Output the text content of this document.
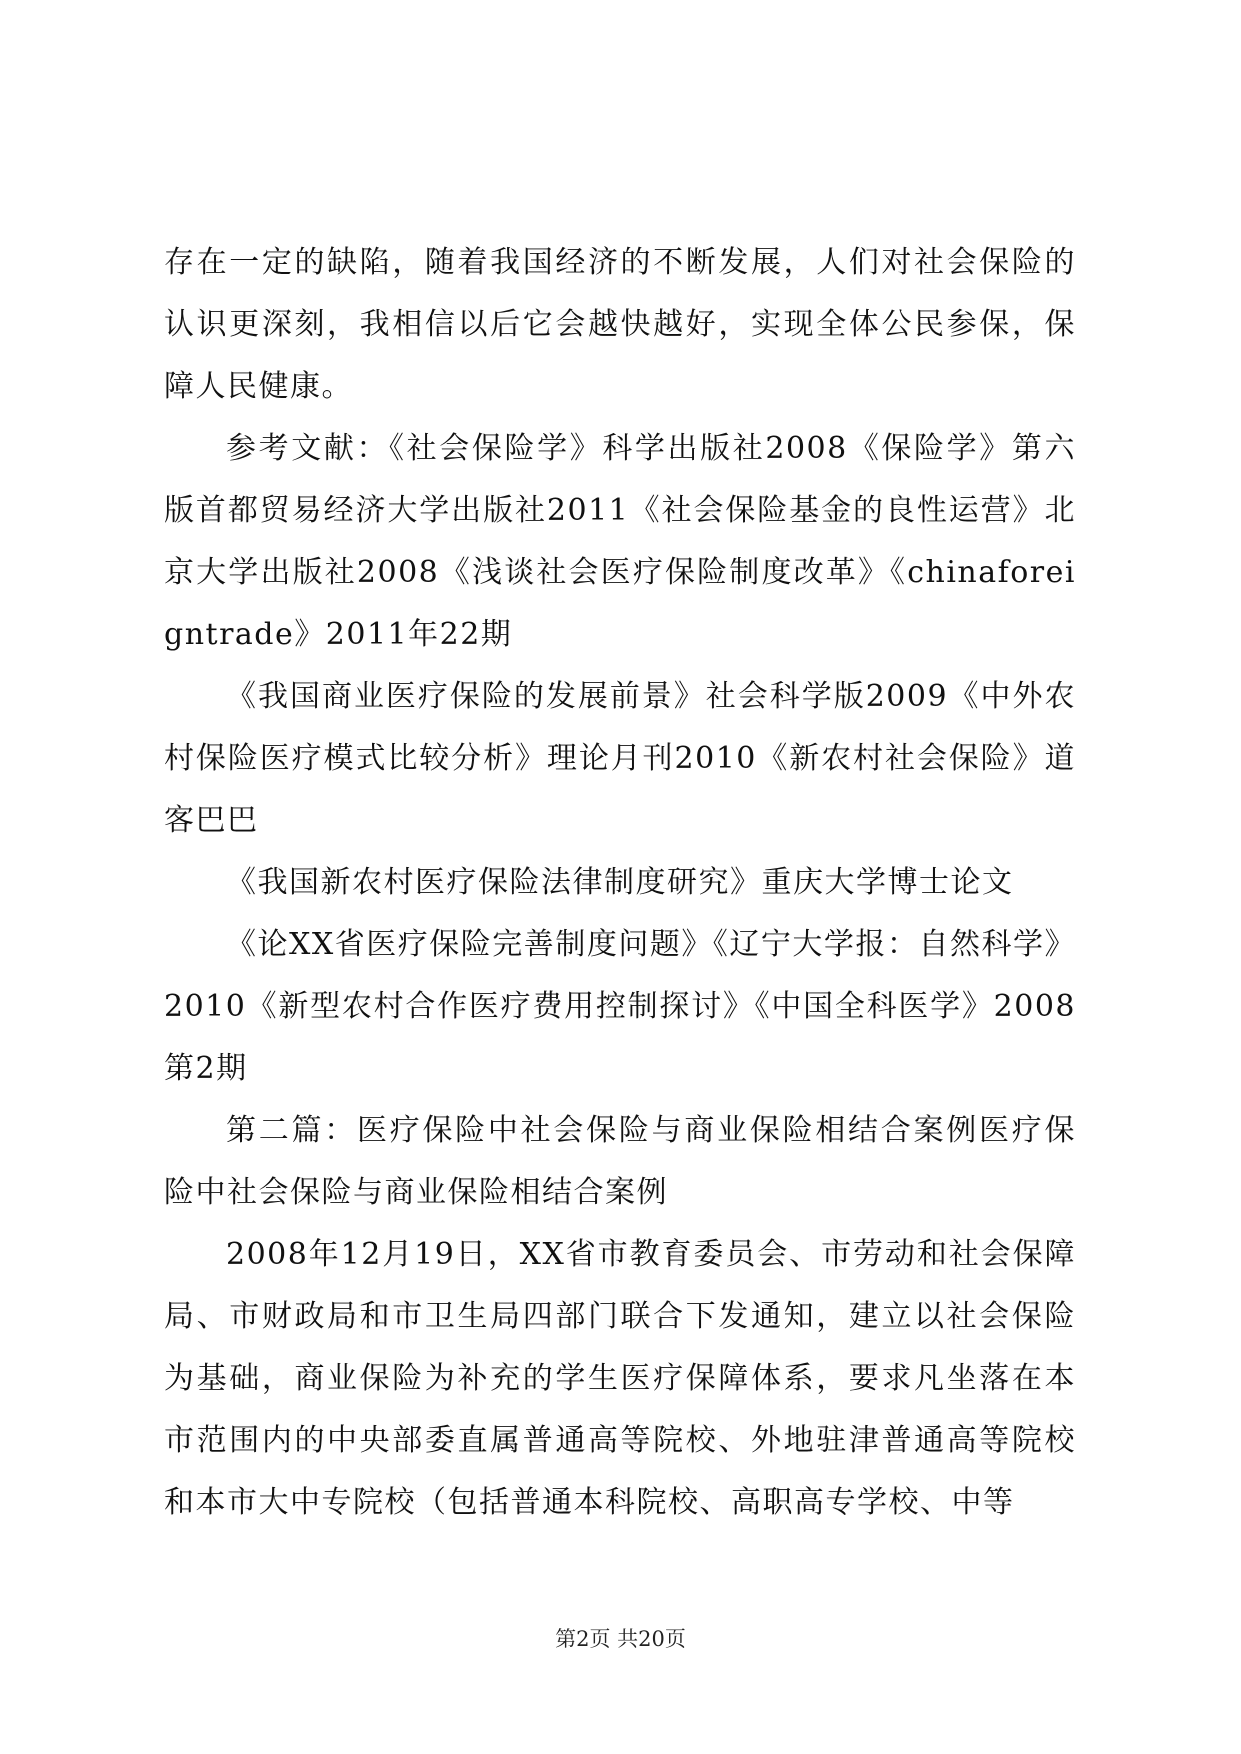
存在一定的缺陷，随着我国经济的不断发展，人们对社会保险的认识更深刻，我相信以后它会越快越好，实现全体公民参保，保障人民健康。

参考文献：《社会保险学》科学出版社2008《保险学》第六版首都贸易经济大学出版社2011《社会保险基金的良性运营》北京大学出版社2008《浅谈社会医疗保险制度改革》《chinaforeigntrade》2011年22期

《我国商业医疗保险的发展前景》社会科学版2009《中外农村保险医疗模式比较分析》理论月刊2010《新农村社会保险》道客巴巴

《我国新农村医疗保险法律制度研究》重庆大学博士论文

《论XX省医疗保险完善制度问题》《辽宁大学报：自然科学》2010《新型农村合作医疗费用控制探讨》《中国全科医学》2008第2期

第二篇：医疗保险中社会保险与商业保险相结合案例医疗保险中社会保险与商业保险相结合案例

2008年12月19日，XX省市教育委员会、市劳动和社会保障局、市财政局和市卫生局四部门联合下发通知，建立以社会保险为基础，商业保险为补充的学生医疗保障体系，要求凡坐落在本市范围内的中央部委直属普通高等院校、外地驻津普通高等院校和本市大中专院校（包括普通本科院校、高职高专学校、中等

第2页 共20页
